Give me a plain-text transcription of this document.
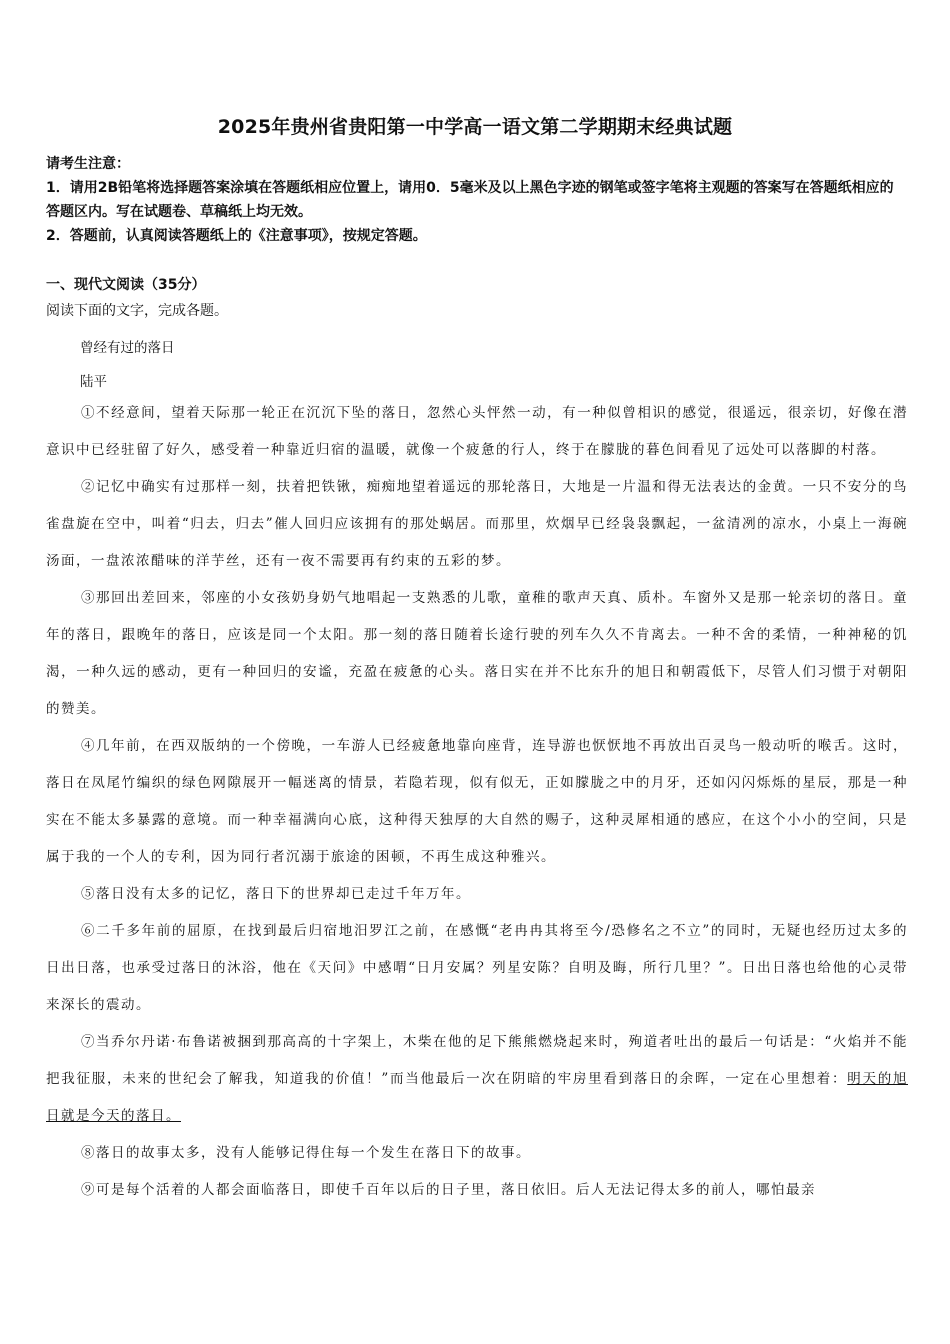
2025年贵州省贵阳第一中学高一语文第二学期期末经典试题

请考生注意：

1．请用2B铅笔将选择题答案涂填在答题纸相应位置上，请用0．5毫米及以上黑色字迹的钢笔或签字笔将主观题的答案写在答题纸相应的答题区内。写在试题卷、草稿纸上均无效。

2．答题前，认真阅读答题纸上的《注意事项》，按规定答题。

一、现代文阅读（35分）
阅读下面的文字，完成各题。
曾经有过的落日
陆平

①不经意间，望着天际那一轮正在沉沉下坠的落日，忽然心头怦然一动，有一种似曾相识的感觉，很遥远，很亲切，好像在潜意识中已经驻留了好久，感受着一种靠近归宿的温暖，就像一个疲惫的行人，终于在朦胧的暮色间看见了远处可以落脚的村落。

②记忆中确实有过那样一刻，扶着把铁锹，痴痴地望着遥远的那轮落日，大地是一片温和得无法表达的金黄。一只不安分的鸟雀盘旋在空中，叫着“归去，归去”催人回归应该拥有的那处蜗居。而那里，炊烟早已经袅袅飘起，一盆清冽的凉水，小桌上一海碗汤面，一盘浓浓醋味的洋芋丝，还有一夜不需要再有约束的五彩的梦。

③那回出差回来，邻座的小女孩奶身奶气地唱起一支熟悉的儿歌，童稚的歌声天真、质朴。车窗外又是那一轮亲切的落日。童年的落日，跟晚年的落日，应该是同一个太阳。那一刻的落日随着长途行驶的列车久久不肯离去。一种不舍的柔情，一种神秘的饥渴，一种久远的感动，更有一种回归的安谧，充盈在疲惫的心头。落日实在并不比东升的旭日和朝霞低下，尽管人们习惯于对朝阳的赞美。

④几年前，在西双版纳的一个傍晚，一车游人已经疲惫地靠向座背，连导游也恹恹地不再放出百灵鸟一般动听的喉舌。这时，落日在凤尾竹编织的绿色网隙展开一幅迷离的情景，若隐若现，似有似无，正如朦胧之中的月牙，还如闪闪烁烁的星辰，那是一种实在不能太多暴露的意境。而一种幸福满向心底，这种得天独厚的大自然的赐子，这种灵犀相通的感应，在这个小小的空间，只是属于我的一个人的专利，因为同行者沉溺于旅途的困顿，不再生成这种雅兴。

⑤落日没有太多的记忆，落日下的世界却已走过千年万年。

⑥二千多年前的屈原，在找到最后归宿地汨罗江之前，在感慨“老冉冉其将至今/恐修名之不立”的同时，无疑也经历过太多的日出日落，也承受过落日的沐浴，他在《天问》中感喟“日月安属？列星安陈？自明及晦，所行几里？”。日出日落也给他的心灵带来深长的震动。

⑦当乔尔丹诺·布鲁诺被捆到那高高的十字架上，木柴在他的足下熊熊燃烧起来时，殉道者吐出的最后一句话是：“火焰并不能把我征服，未来的世纪会了解我，知道我的价值！”而当他最后一次在阴暗的牢房里看到落日的余晖，一定在心里想着：明天的旭日就是今天的落日。

⑧落日的故事太多，没有人能够记得住每一个发生在落日下的故事。

⑨可是每个活着的人都会面临落日，即使千百年以后的日子里，落日依旧。后人无法记得太多的前人，哪怕最亲
